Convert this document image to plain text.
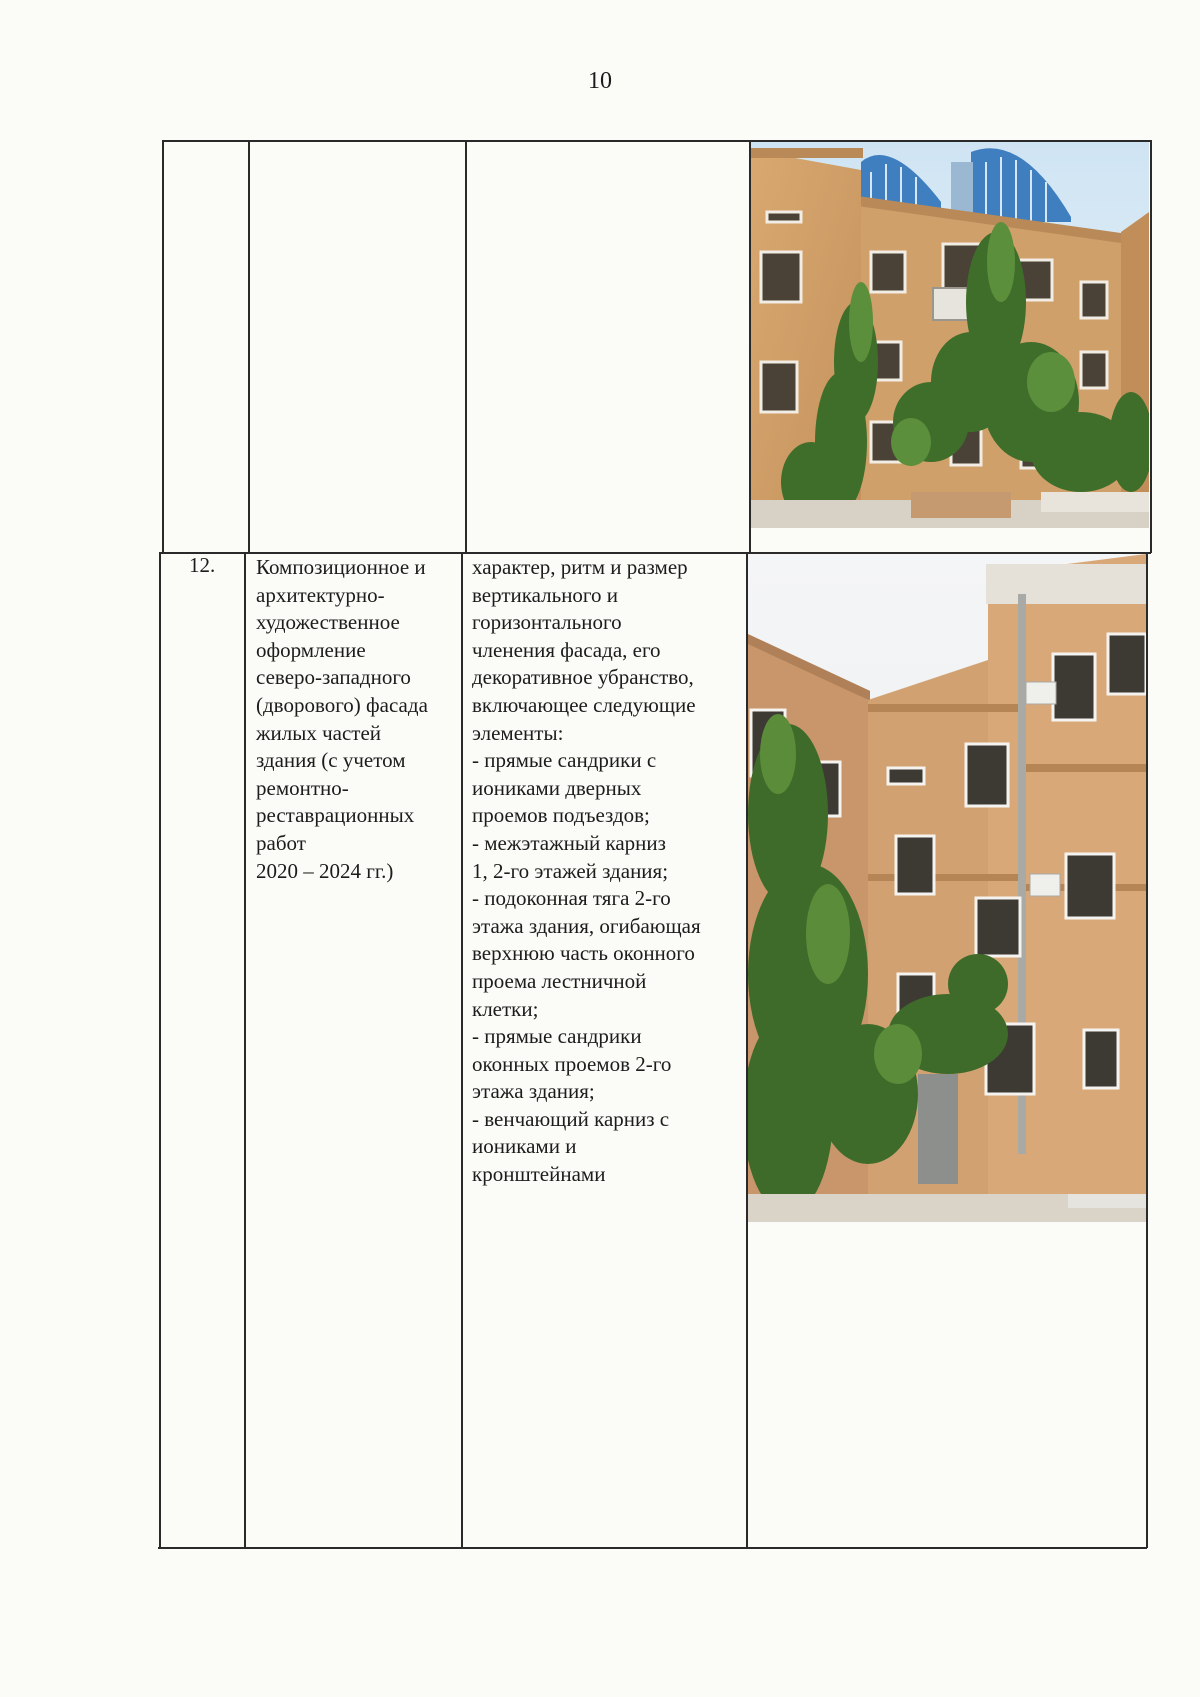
10
12. Композиционное и
архитектурно-
художественное
оформление
северо-западного
(дворового) фасада
жилых частей
здания (с учетом
ремонтно-
реставрационных
работ
2020 – 2024 гг.)
характер, ритм и размер
вертикального и
горизонтального
членения фасада, его
декоративное убранство,
включающее следующие
элементы:
- прямые сандрики с
иониками дверных
проемов подъездов;
- межэтажный карниз
1, 2-го этажей здания;
- подоконная тяга 2-го
этажа здания, огибающая
верхнюю часть оконного
проема лестничной
клетки;
- прямые сандрики
оконных проемов 2-го
этажа здания;
- венчающий карниз с
иониками и
кронштейнами
